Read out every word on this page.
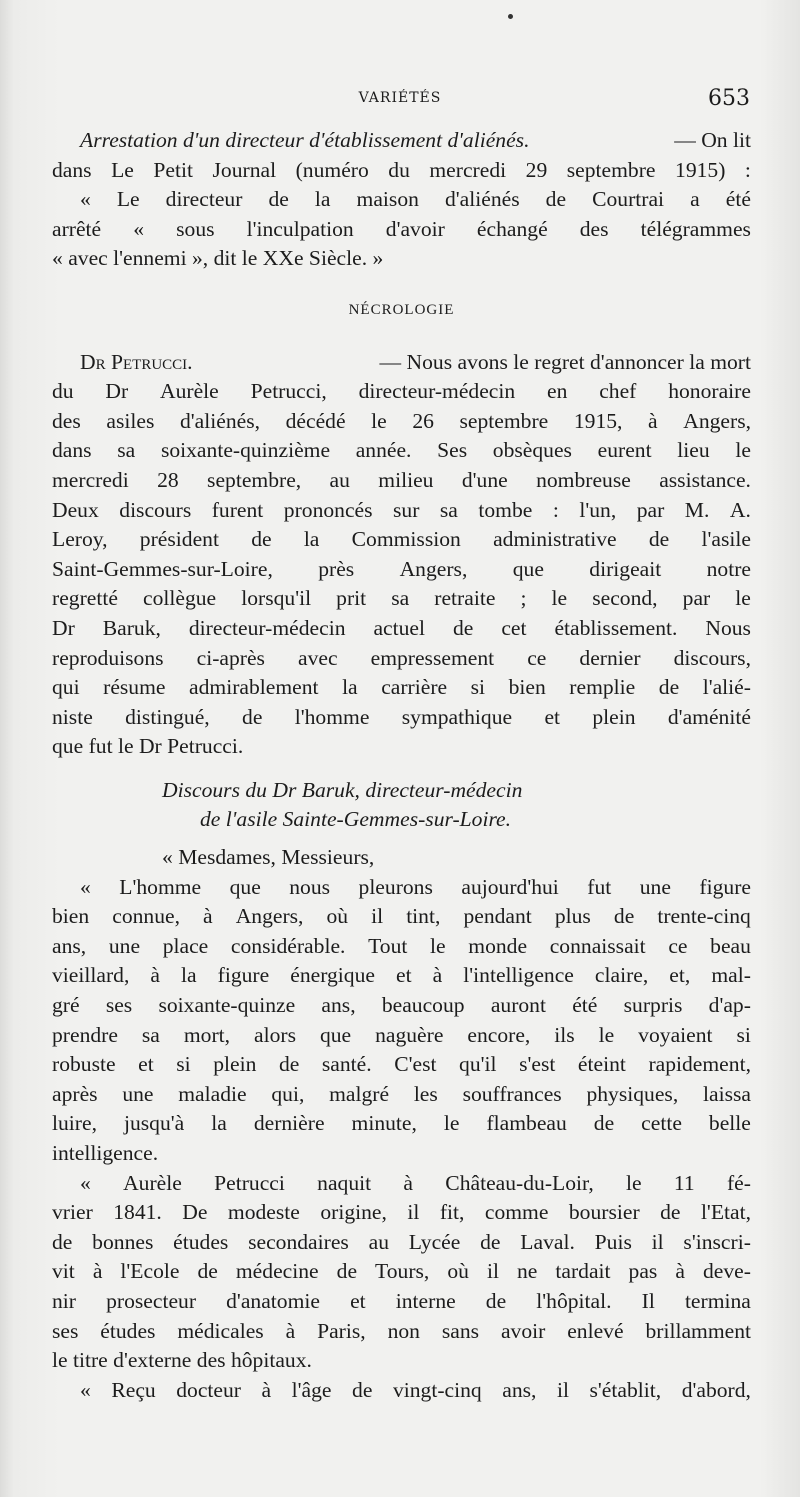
VARIÉTÉS	653
Arrestation d'un directeur d'établissement d'aliénés.	— On lit
dans Le Petit Journal (numéro du mercredi 29 septembre 1915) :
« Le directeur de la maison d'aliénés de Courtrai a été
arrêté « sous l'inculpation d'avoir échangé des télégrammes
« avec l'ennemi », dit le XXe Siècle. »
NÉCROLOGIE
Dr Petrucci.	— Nous avons le regret d'annoncer la mort
du Dr Aurèle Petrucci, directeur-médecin en chef honoraire
des asiles d'aliénés, décédé le 26 septembre 1915, à Angers,
dans sa soixante-quinzième année. Ses obsèques eurent lieu le
mercredi 28 septembre, au milieu d'une nombreuse assistance.
Deux discours furent prononcés sur sa tombe : l'un, par M. A.
Leroy, président de la Commission administrative de l'asile
Saint-Gemmes-sur-Loire, près Angers, que dirigeait notre
regretté collègue lorsqu'il prit sa retraite ; le second, par le
Dr Baruk, directeur-médecin actuel de cet établissement. Nous
reproduisons ci-après avec empressement ce dernier discours,
qui résume admirablement la carrière si bien remplie de l'alié-
niste distingué, de l'homme sympathique et plein d'aménité
que fut le Dr Petrucci.
Discours du Dr Baruk, directeur-médecin
de l'asile Sainte-Gemmes-sur-Loire.
« Mesdames, Messieurs,
« L'homme que nous pleurons aujourd'hui fut une figure
bien connue, à Angers, où il tint, pendant plus de trente-cinq
ans, une place considérable. Tout le monde connaissait ce beau
vieillard, à la figure énergique et à l'intelligence claire, et, mal-
gré ses soixante-quinze ans, beaucoup auront été surpris d'ap-
prendre sa mort, alors que naguère encore, ils le voyaient si
robuste et si plein de santé. C'est qu'il s'est éteint rapidement,
après une maladie qui, malgré les souffrances physiques, laissa
luire, jusqu'à la dernière minute, le flambeau de cette belle
intelligence.
« Aurèle Petrucci naquit à Château-du-Loir, le 11 fé-
vrier 1841. De modeste origine, il fit, comme boursier de l'Etat,
de bonnes études secondaires au Lycée de Laval. Puis il s'inscri-
vit à l'Ecole de médecine de Tours, où il ne tardait pas à deve-
nir prosecteur d'anatomie et interne de l'hôpital. Il termina
ses études médicales à Paris, non sans avoir enlevé brillamment
le titre d'externe des hôpitaux.
« Reçu docteur à l'âge de vingt-cinq ans, il s'établit, d'abord,
